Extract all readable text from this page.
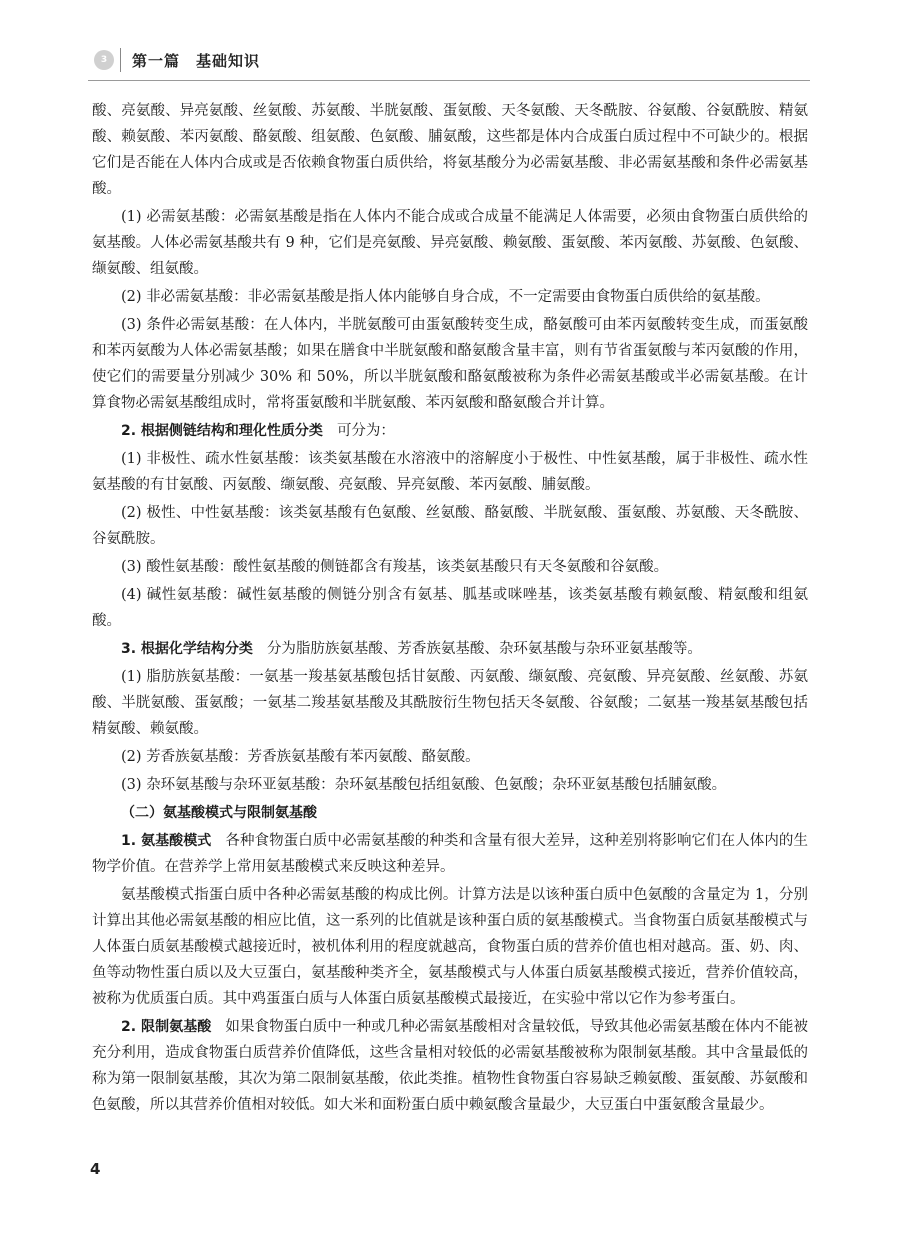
3 第一篇　基础知识

酸、亮氨酸、异亮氨酸、丝氨酸、苏氨酸、半胱氨酸、蛋氨酸、天冬氨酸、天冬酰胺、谷氨酸、谷氨酰胺、精氨酸、赖氨酸、苯丙氨酸、酪氨酸、组氨酸、色氨酸、脯氨酸，这些都是体内合成蛋白质过程中不可缺少的。根据它们是否能在人体内合成或是否依赖食物蛋白质供给，将氨基酸分为必需氨基酸、非必需氨基酸和条件必需氨基酸。

(1) 必需氨基酸：必需氨基酸是指在人体内不能合成或合成量不能满足人体需要，必须由食物蛋白质供给的氨基酸。人体必需氨基酸共有 9 种，它们是亮氨酸、异亮氨酸、赖氨酸、蛋氨酸、苯丙氨酸、苏氨酸、色氨酸、缬氨酸、组氨酸。

(2) 非必需氨基酸：非必需氨基酸是指人体内能够自身合成，不一定需要由食物蛋白质供给的氨基酸。

(3) 条件必需氨基酸：在人体内，半胱氨酸可由蛋氨酸转变生成，酪氨酸可由苯丙氨酸转变生成，而蛋氨酸和苯丙氨酸为人体必需氨基酸；如果在膳食中半胱氨酸和酪氨酸含量丰富，则有节省蛋氨酸与苯丙氨酸的作用，使它们的需要量分别减少 30% 和 50%，所以半胱氨酸和酪氨酸被称为条件必需氨基酸或半必需氨基酸。在计算食物必需氨基酸组成时，常将蛋氨酸和半胱氨酸、苯丙氨酸和酪氨酸合并计算。

2. 根据侧链结构和理化性质分类 可分为：

(1) 非极性、疏水性氨基酸：该类氨基酸在水溶液中的溶解度小于极性、中性氨基酸，属于非极性、疏水性氨基酸的有甘氨酸、丙氨酸、缬氨酸、亮氨酸、异亮氨酸、苯丙氨酸、脯氨酸。

(2) 极性、中性氨基酸：该类氨基酸有色氨酸、丝氨酸、酪氨酸、半胱氨酸、蛋氨酸、苏氨酸、天冬酰胺、谷氨酰胺。

(3) 酸性氨基酸：酸性氨基酸的侧链都含有羧基，该类氨基酸只有天冬氨酸和谷氨酸。

(4) 碱性氨基酸：碱性氨基酸的侧链分别含有氨基、胍基或咪唑基，该类氨基酸有赖氨酸、精氨酸和组氨酸。

3. 根据化学结构分类 分为脂肪族氨基酸、芳香族氨基酸、杂环氨基酸与杂环亚氨基酸等。

(1) 脂肪族氨基酸：一氨基一羧基氨基酸包括甘氨酸、丙氨酸、缬氨酸、亮氨酸、异亮氨酸、丝氨酸、苏氨酸、半胱氨酸、蛋氨酸；一氨基二羧基氨基酸及其酰胺衍生物包括天冬氨酸、谷氨酸；二氨基一羧基氨基酸包括精氨酸、赖氨酸。

(2) 芳香族氨基酸：芳香族氨基酸有苯丙氨酸、酪氨酸。

(3) 杂环氨基酸与杂环亚氨基酸：杂环氨基酸包括组氨酸、色氨酸；杂环亚氨基酸包括脯氨酸。

（二）氨基酸模式与限制氨基酸

1. 氨基酸模式 各种食物蛋白质中必需氨基酸的种类和含量有很大差异，这种差别将影响它们在人体内的生物学价值。在营养学上常用氨基酸模式来反映这种差异。

氨基酸模式指蛋白质中各种必需氨基酸的构成比例。计算方法是以该种蛋白质中色氨酸的含量定为 1，分别计算出其他必需氨基酸的相应比值，这一系列的比值就是该种蛋白质的氨基酸模式。当食物蛋白质氨基酸模式与人体蛋白质氨基酸模式越接近时，被机体利用的程度就越高，食物蛋白质的营养价值也相对越高。蛋、奶、肉、鱼等动物性蛋白质以及大豆蛋白，氨基酸种类齐全，氨基酸模式与人体蛋白质氨基酸模式接近，营养价值较高，被称为优质蛋白质。其中鸡蛋蛋白质与人体蛋白质氨基酸模式最接近，在实验中常以它作为参考蛋白。

2. 限制氨基酸 如果食物蛋白质中一种或几种必需氨基酸相对含量较低，导致其他必需氨基酸在体内不能被充分利用，造成食物蛋白质营养价值降低，这些含量相对较低的必需氨基酸被称为限制氨基酸。其中含量最低的称为第一限制氨基酸，其次为第二限制氨基酸，依此类推。植物性食物蛋白容易缺乏赖氨酸、蛋氨酸、苏氨酸和色氨酸，所以其营养价值相对较低。如大米和面粉蛋白质中赖氨酸含量最少，大豆蛋白中蛋氨酸含量最少。

4
